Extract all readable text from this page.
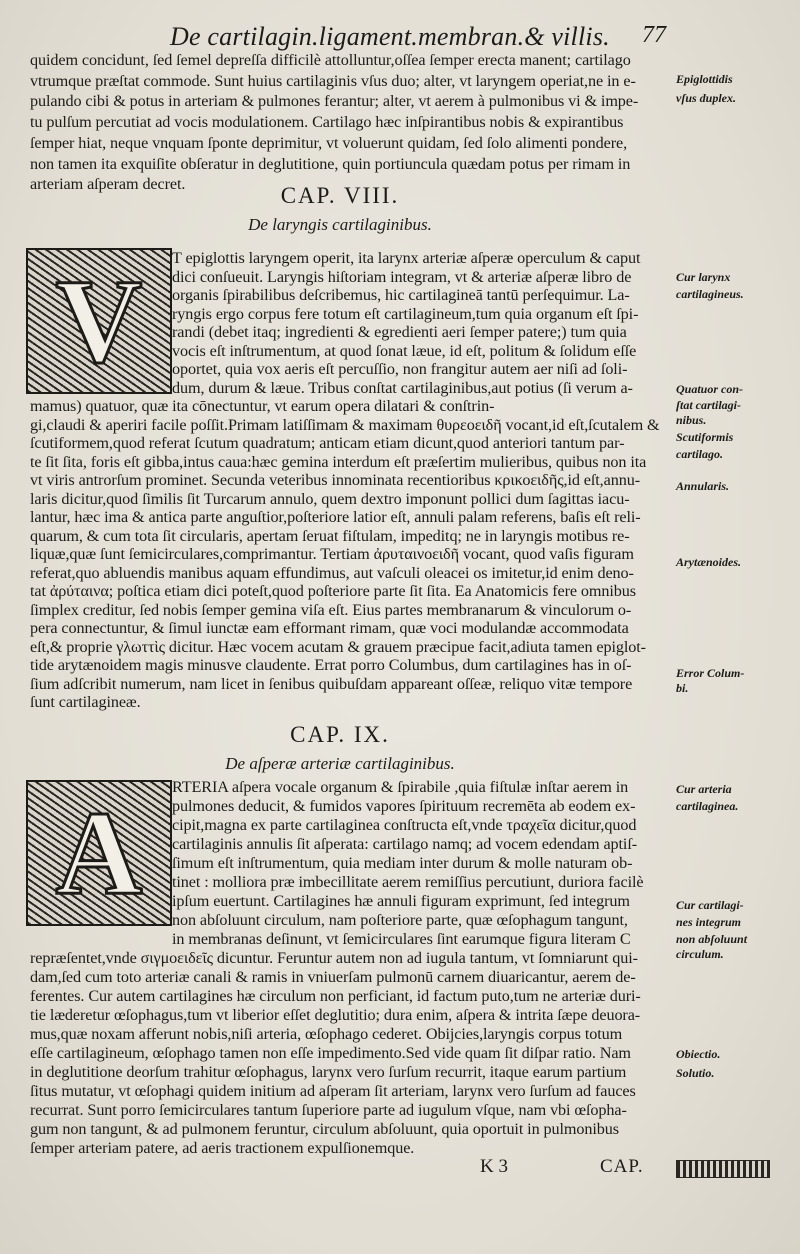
De cartilagin.ligament.membran.& villis. 77
quidem concidunt, ſed ſemel depreſſa difficilè attolluntur,oſſea ſemper erecta manent; cartilago
vtrumque præſtat commode. Sunt huius cartilaginis vſus duo; alter, vt laryngem operiat,ne in e-
pulando cibi & potus in arteriam & pulmones ferantur; alter, vt aerem à pulmonibus vi & impe-
tu pulſum percutiat ad vocis modulationem. Cartilago hæc inſpirantibus nobis & expirantibus
ſemper hiat, neque vnquam ſponte deprimitur, vt voluerunt quidam, ſed ſolo alimenti pondere,
non tamen ita exquiſite obſeratur in deglutitione, quin portiuncula quædam potus per rimam in
arteriam aſperam decret.	CAP. VIII.
De laryngis cartilaginibus.
V T epiglottis laryngem operit, ita larynx arteriæ aſperæ operculum & caput
dici conſueuit. Laryngis hiſtoriam integram, vt & arteriæ aſperæ libro de
organis ſpirabilibus deſcribemus, hic cartilagineā tantū perſequimur. La-
ryngis ergo corpus fere totum eſt cartilagineum,tum quia organum eſt ſpi-
randi (debet itaq; ingredienti & egredienti aeri ſemper patere;) tum quia
vocis eſt inſtrumentum, at quod ſonat læue, id eſt, politum & ſolidum eſſe
oportet, quia vox aeris eſt percuſſio, non frangitur autem aer niſi ad ſoli-
dum, durum & læue. Tribus conſtat cartilaginibus,aut potius (ſi verum a-
mamus) quatuor, quæ ita cōnectuntur, vt earum opera dilatari & conſtrin-
gi,claudi & aperiri facile poſſit.Primam latiſſimam & maximam θυρεοειδῆ vocant,id eſt,ſcutalem &
ſcutiformem,quod referat ſcutum quadratum; anticam etiam dicunt,quod anteriori tantum par-
te ſit ſita, foris eſt gibba,intus caua:hæc gemina interdum eſt præſertim mulieribus, quibus non ita
vt viris antrorſum prominet. Secunda veteribus innominata recentioribus κρικοειδῆς,id eſt,annu-
laris dicitur,quod ſimilis ſit Turcarum annulo, quem dextro imponunt pollici dum ſagittas iacu-
lantur, hæc ima & antica parte anguſtior,poſteriore latior eſt, annuli palam referens, baſis eſt reli-
quarum, & cum tota ſit circularis, apertam ſeruat fiſtulam, impeditq; ne in laryngis motibus re-
liquæ,quæ ſunt ſemicirculares,comprimantur. Tertiam ἀρυταινοειδῆ vocant, quod vaſis figuram
referat,quo abluendis manibus aquam effundimus, aut vaſculi oleacei os imitetur,id enim deno-
tat ἀρύταινα; poſtica etiam dici poteſt,quod poſteriore parte ſit ſita. Ea Anatomicis fere omnibus
ſimplex creditur, ſed nobis ſemper gemina viſa eſt. Eius partes membranarum & vinculorum o-
pera connectuntur, & ſimul iunctæ eam efformant rimam, quæ voci modulandæ accommodata
eſt,& proprie γλωττὶς dicitur. Hæc vocem acutam & grauem præcipue facit,adiuta tamen epiglot-
tide arytænoidem magis minusve claudente. Errat porro Columbus, dum cartilagines has in oſ-
ſium adſcribit numerum, nam licet in ſenibus quibuſdam appareant oſſeæ, reliquo vitæ tempore
ſunt cartilagineæ.
CAP. IX.
De aſperæ arteriæ cartilaginibus.
A RTERIA aſpera vocale organum & ſpirabile ,quia fiſtulæ inſtar aerem in
pulmones deducit, & fumidos vapores ſpirituum recremēta ab eodem ex-
cipit,magna ex parte cartilaginea conſtructa eſt,vnde τραχεῖα dicitur,quod
cartilaginis annulis ſit aſperata: cartilago namq; ad vocem edendam aptiſ-
ſimum eſt inſtrumentum, quia mediam inter durum & molle naturam ob-
tinet : molliora præ imbecillitate aerem remiſſius percutiunt, duriora facilè
ipſum euertunt. Cartilagines hæ annuli figuram exprimunt, ſed integrum
non abſoluunt circulum, nam poſteriore parte, quæ œſophagum tangunt,
in membranas deſinunt, vt ſemicirculares ſint earumque figura literam C
repræſentet,vnde σιγμοειδεῖς dicuntur. Feruntur autem non ad iugula tantum, vt ſomniarunt qui-
dam,ſed cum toto arteriæ canali & ramis in vniuerſam pulmonū carnem diuaricantur, aerem de-
ferentes. Cur autem cartilagines hæ circulum non perficiant, id factum puto,tum ne arteriæ duri-
tie læderetur œſophagus,tum vt liberior eſſet deglutitio; dura enim, aſpera & intrita ſæpe deuora-
mus,quæ noxam afferunt nobis,niſi arteria, œſophago cederet. Obijcies,laryngis corpus totum
eſſe cartilagineum, œſophago tamen non eſſe impedimento.Sed vide quam ſit diſpar ratio. Nam
in deglutitione deorſum trahitur œſophagus, larynx vero ſurſum recurrit, itaque earum partium
ſitus mutatur, vt œſophagi quidem initium ad aſperam ſit arteriam, larynx vero ſurſum ad fauces
recurrat. Sunt porro ſemicirculares tantum ſuperiore parte ad iugulum vſque, nam vbi œſopha-
gum non tangunt, & ad pulmonem feruntur, circulum abſoluunt, quia oportuit in pulmonibus
ſemper arteriam patere, ad aeris tractionem expulſionemque.
Epiglottidis
vſus duplex.
Cur larynx
cartilagineus.
Quatuor con-
ſtat cartilagi-
nibus.
Scutiformis
cartilago.
Annularis.
Arytænoides.
Error Colum-
bi.
Cur arteria
cartilaginea.
Cur cartilagi-
nes integrum
non abſoluunt
circulum.
Obiectio.
Solutio.
K 3	CAP.
